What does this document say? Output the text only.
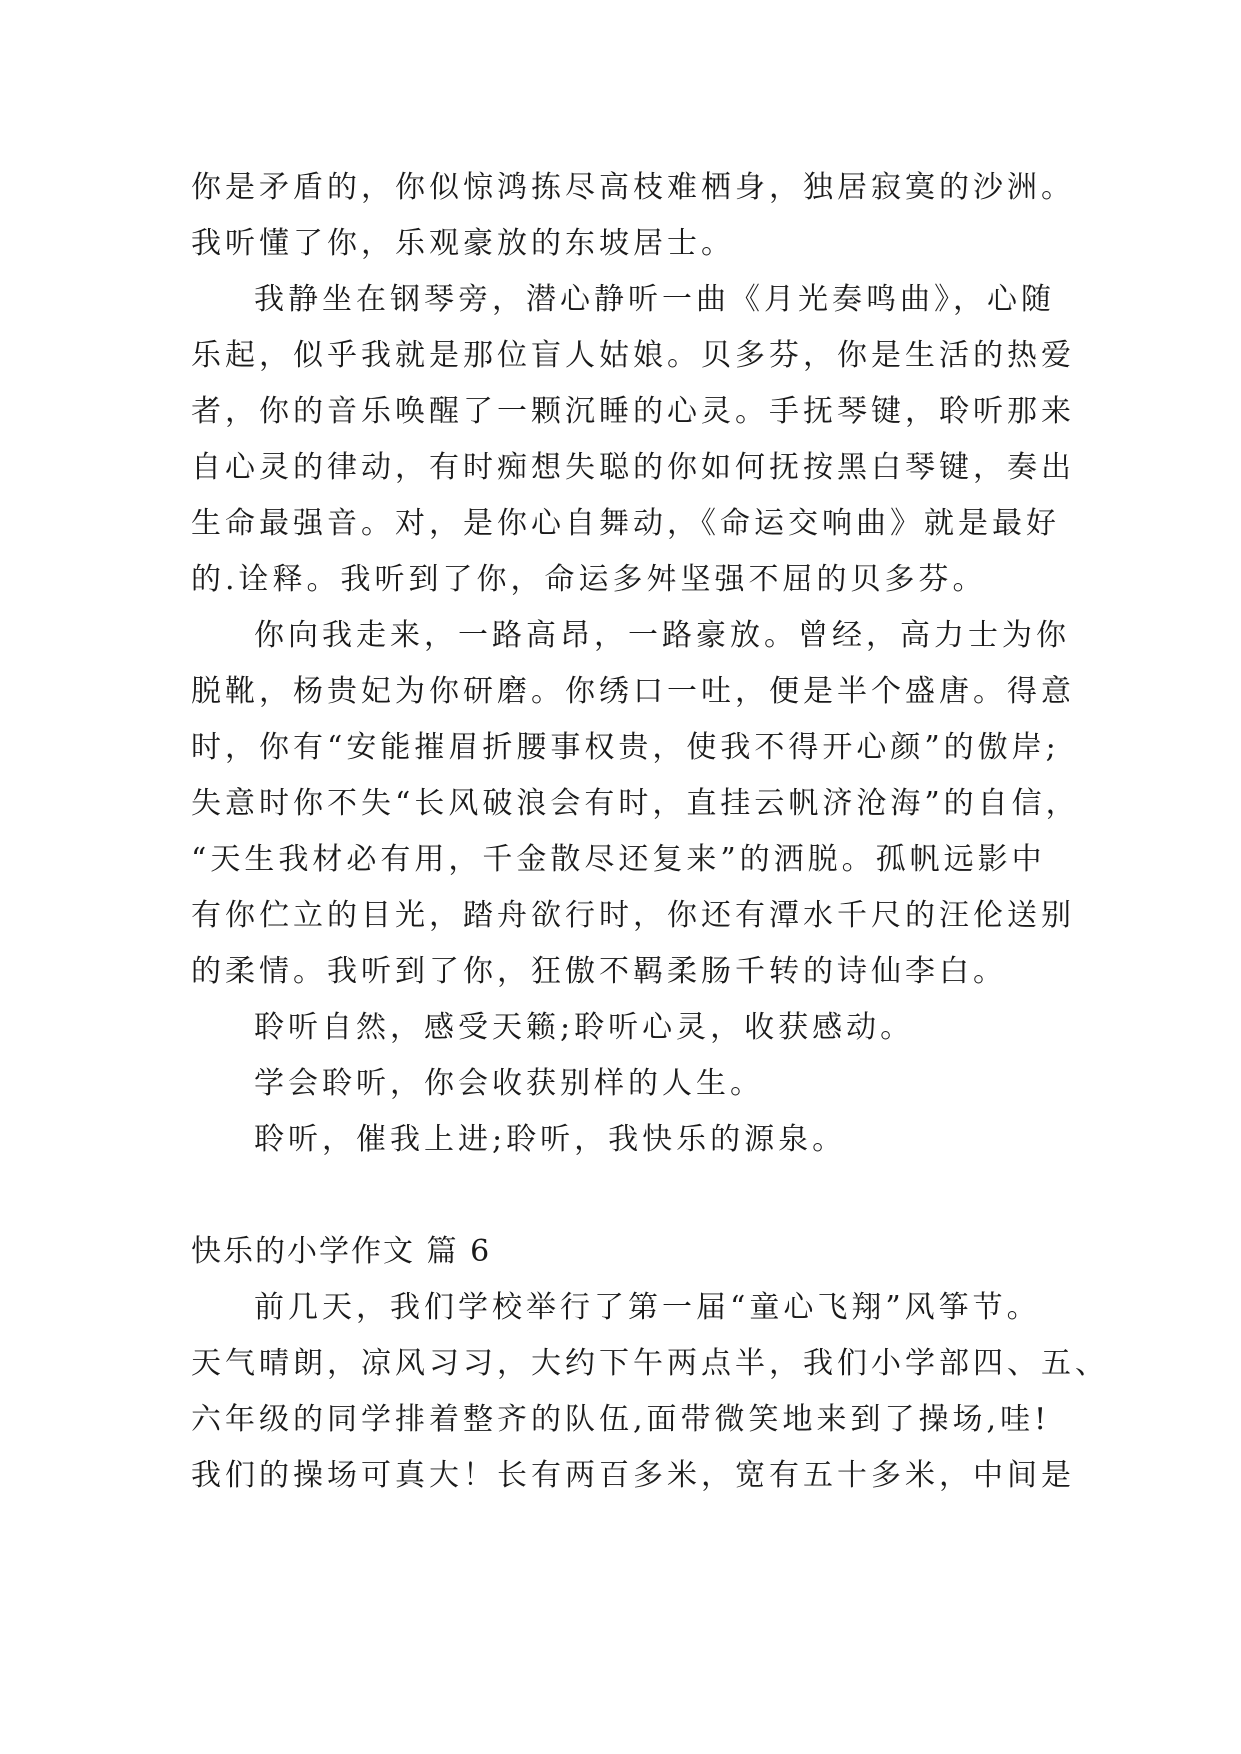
你是矛盾的，你似惊鸿拣尽高枝难栖身，独居寂寞的沙洲。
我听懂了你，乐观豪放的东坡居士。
我静坐在钢琴旁，潜心静听一曲《月光奏鸣曲》，心随
乐起，似乎我就是那位盲人姑娘。贝多芬，你是生活的热爱
者，你的音乐唤醒了一颗沉睡的心灵。手抚琴键，聆听那来
自心灵的律动，有时痴想失聪的你如何抚按黑白琴键，奏出
生命最强音。对，是你心自舞动，《命运交响曲》就是最好
的.诠释。我听到了你，命运多舛坚强不屈的贝多芬。
你向我走来，一路高昂，一路豪放。曾经，高力士为你
脱靴，杨贵妃为你研磨。你绣口一吐，便是半个盛唐。得意
时，你有“安能摧眉折腰事权贵，使我不得开心颜”的傲岸;
失意时你不失“长风破浪会有时，直挂云帆济沧海”的自信，
“天生我材必有用，千金散尽还复来”的洒脱。孤帆远影中
有你伫立的目光，踏舟欲行时，你还有潭水千尺的汪伦送别
的柔情。我听到了你，狂傲不羁柔肠千转的诗仙李白。
聆听自然，感受天籁;聆听心灵，收获感动。
学会聆听，你会收获别样的人生。
聆听，催我上进;聆听，我快乐的源泉。
快乐的小学作文 篇 6
前几天，我们学校举行了第一届“童心飞翔”风筝节。
天气晴朗，凉风习习，大约下午两点半，我们小学部四、五、
六年级的同学排着整齐的队伍,面带微笑地来到了操场,哇!
我们的操场可真大！长有两百多米，宽有五十多米，中间是
